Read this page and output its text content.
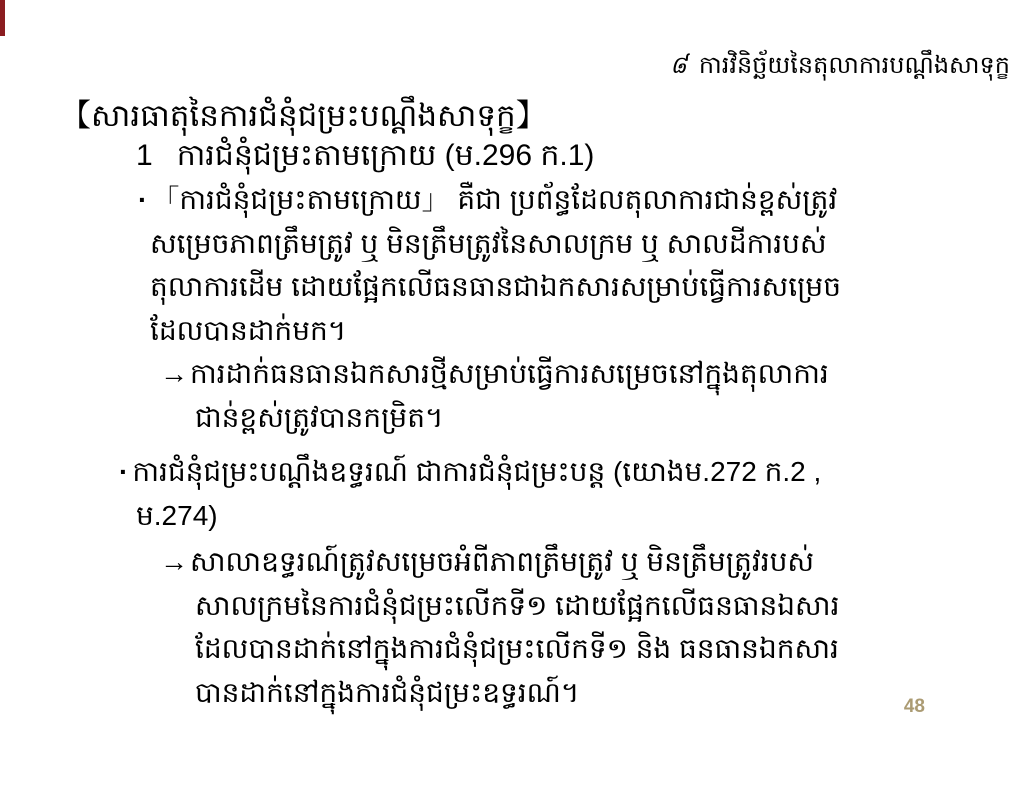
៨ ការវិនិច្ឆ័យនៃតុលាការបណ្ដឹងសាទុក្ខ
【សារធាតុនៃការជំនុំជម្រះបណ្ដឹងសាទុក្ខ】
1 ការជំនុំជម្រះតាមក្រោយ (ម.296 ក.1)
· 「ការជំនុំជម្រះតាមក្រោយ」 គឺជា ប្រព័ន្ធដែលតុលាការជាន់ខ្ពស់ត្រូវ
សម្រេចភាពត្រឹមត្រូវ ឬ មិនត្រឹមត្រូវនៃសាលក្រម ឬ សាលដីការបស់
តុលាការដើម ដោយផ្អែកលើធនធានជាឯកសារសម្រាប់ធ្វើការសម្រេច
ដែលបានដាក់មក។
→ការដាក់ធនធានឯកសារថ្មីសម្រាប់ធ្វើការសម្រេចនៅក្នុងតុលាការ
ជាន់ខ្ពស់ត្រូវបានកម្រិត។
· ការជំនុំជម្រះបណ្ដឹងឧទ្ធរណ៍ ជាការជំនុំជម្រះបន្ត (យោងម.272 ក.2 ,
ម.274)
→សាលាឧទ្ធរណ៍ត្រូវសម្រេចអំពីភាពត្រឹមត្រូវ ឬ មិនត្រឹមត្រូវរបស់
សាលក្រមនៃការជំនុំជម្រះលើកទី១ ដោយផ្អែកលើធនធានឯសារ
ដែលបានដាក់នៅក្នុងការជំនុំជម្រះលើកទី១ និង ធនធានឯកសារ
បានដាក់នៅក្នុងការជំនុំជម្រះឧទ្ធរណ៍។	48
